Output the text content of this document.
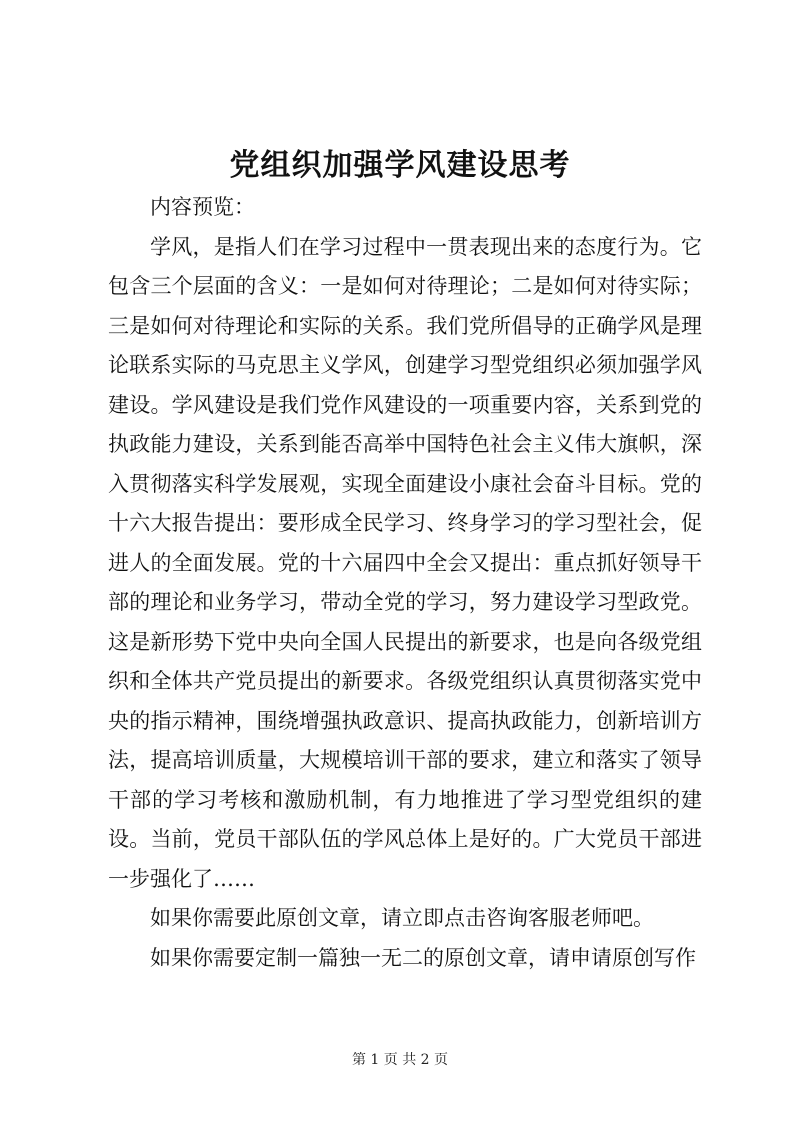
党组织加强学风建设思考

内容预览：

学风，是指人们在学习过程中一贯表现出来的态度行为。它包含三个层面的含义：一是如何对待理论；二是如何对待实际；三是如何对待理论和实际的关系。我们党所倡导的正确学风是理论联系实际的马克思主义学风，创建学习型党组织必须加强学风建设。学风建设是我们党作风建设的一项重要内容，关系到党的执政能力建设，关系到能否高举中国特色社会主义伟大旗帜，深入贯彻落实科学发展观，实现全面建设小康社会奋斗目标。党的十六大报告提出：要形成全民学习、终身学习的学习型社会，促进人的全面发展。党的十六届四中全会又提出：重点抓好领导干部的理论和业务学习，带动全党的学习，努力建设学习型政党。这是新形势下党中央向全国人民提出的新要求，也是向各级党组织和全体共产党员提出的新要求。各级党组织认真贯彻落实党中央的指示精神，围绕增强执政意识、提高执政能力，创新培训方法，提高培训质量，大规模培训干部的要求，建立和落实了领导干部的学习考核和激励机制，有力地推进了学习型党组织的建设。当前，党员干部队伍的学风总体上是好的。广大党员干部进一步强化了……

如果你需要此原创文章，请立即点击咨询客服老师吧。

如果你需要定制一篇独一无二的原创文章，请申请原创写作

第 1 页 共 2 页
